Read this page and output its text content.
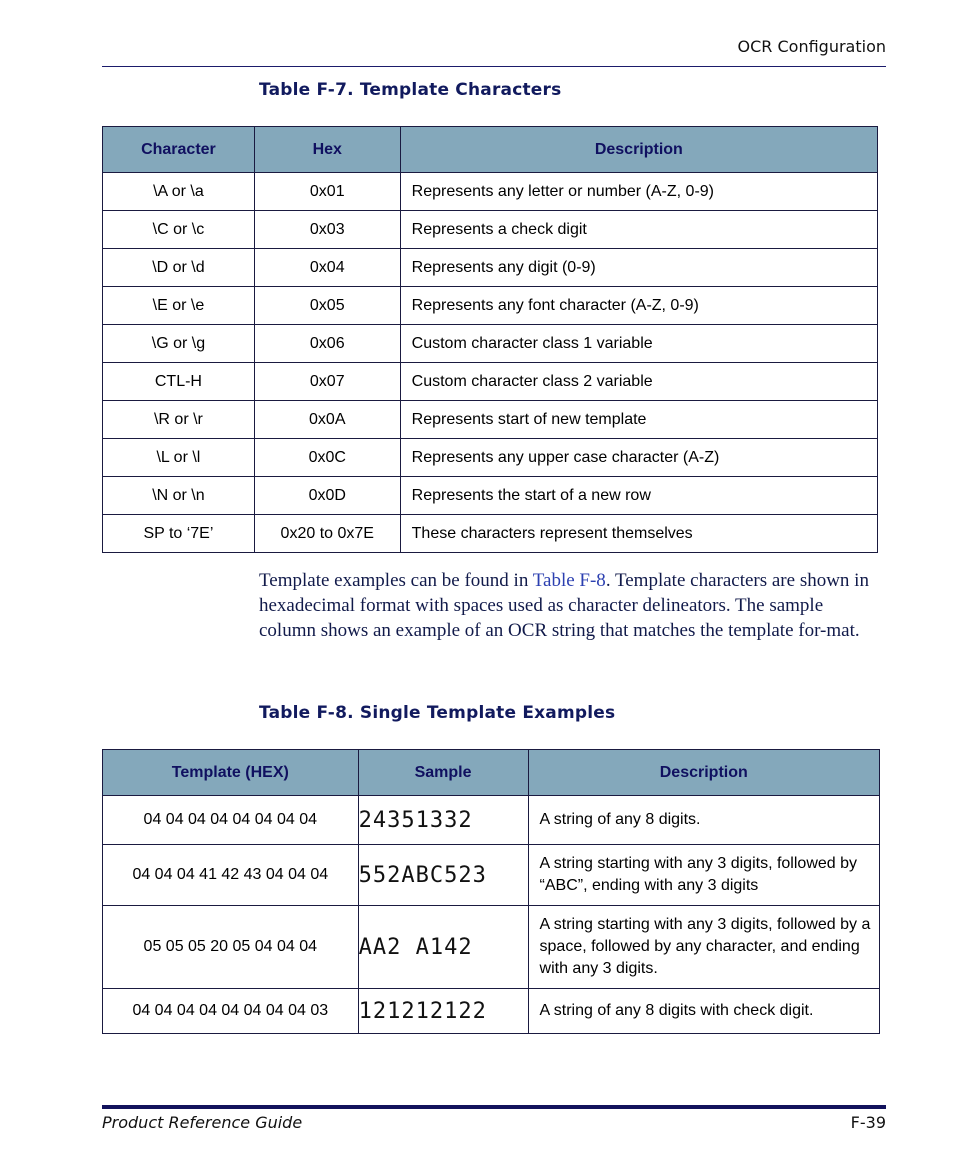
OCR Configuration
Table F-7. Template Characters
Character	Hex	Description
\A or \a	0x01	Represents any letter or number (A-Z, 0-9)
\C or \c	0x03	Represents a check digit
\D or \d	0x04	Represents any digit (0-9)
\E or \e	0x05	Represents any font character (A-Z, 0-9)
\G or \g	0x06	Custom character class 1 variable
CTL-H	0x07	Custom character class 2 variable
\R or \r	0x0A	Represents start of new template
\L or \l	0x0C	Represents any upper case character (A-Z)
\N or \n	0x0D	Represents the start of a new row
SP to ‘7E’	0x20 to 0x7E	These characters represent themselves
Template examples can be found in Table F-8. Template characters are shown in hexadecimal format with spaces used as character delineators. The sample column shows an example of an OCR string that matches the template for-mat.
Table F-8. Single Template Examples
Template (HEX)	Sample	Description
04 04 04 04 04 04 04 04	24351332	A string of any 8 digits.
04 04 04 41 42 43 04 04 04	552ABC523	A string starting with any 3 digits, followed by “ABC”, ending with any 3 digits
05 05 05 20 05 04 04 04	AA2 A142	A string starting with any 3 digits, followed by a space, followed by any character, and ending with any 3 digits.
04 04 04 04 04 04 04 04 03	121212122	A string of any 8 digits with check digit.
Product Reference Guide	F-39
